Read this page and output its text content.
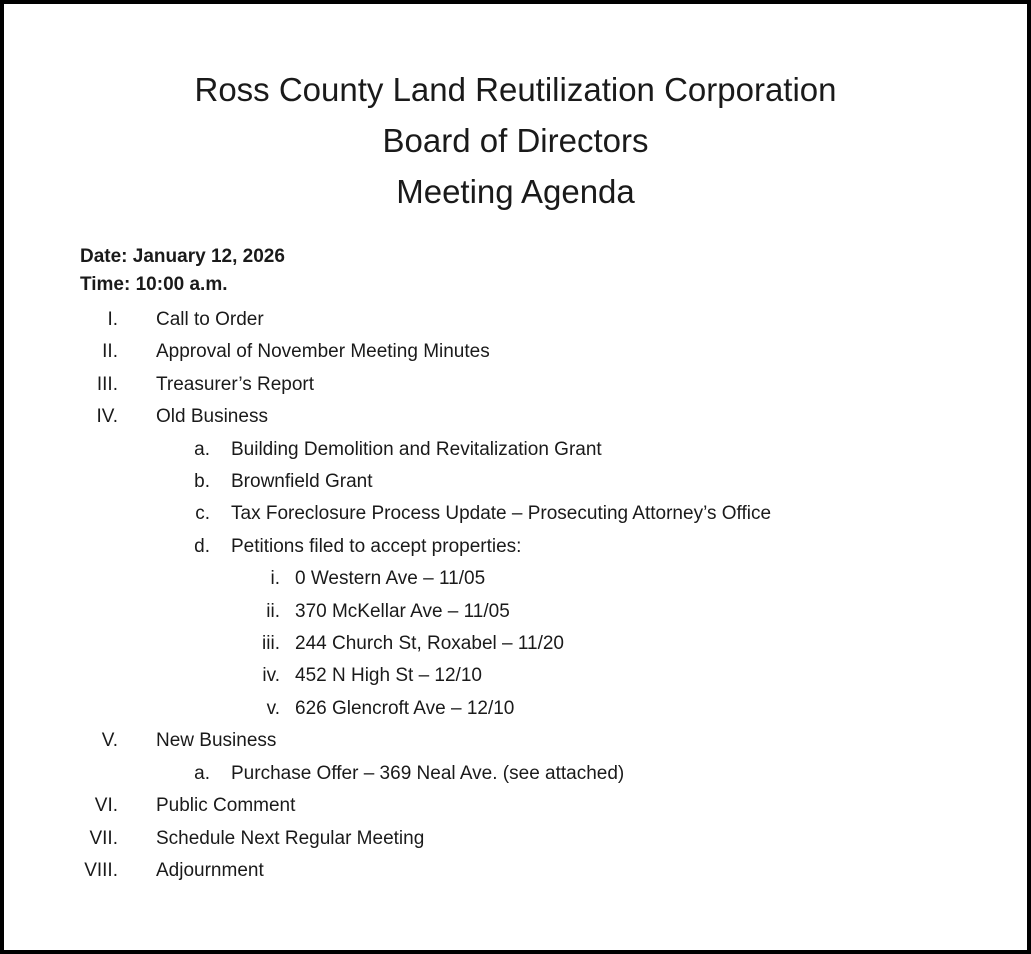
Ross County Land Reutilization Corporation
Board of Directors
Meeting Agenda
Date: January 12, 2026
Time: 10:00 a.m.
I. Call to Order
II. Approval of November Meeting Minutes
III. Treasurer’s Report
IV. Old Business
a. Building Demolition and Revitalization Grant
b. Brownfield Grant
c. Tax Foreclosure Process Update – Prosecuting Attorney’s Office
d. Petitions filed to accept properties:
i. 0 Western Ave – 11/05
ii. 370 McKellar Ave – 11/05
iii. 244 Church St, Roxabel – 11/20
iv. 452 N High St – 12/10
v. 626 Glencroft Ave – 12/10
V. New Business
a. Purchase Offer – 369 Neal Ave. (see attached)
VI. Public Comment
VII. Schedule Next Regular Meeting
VIII. Adjournment
